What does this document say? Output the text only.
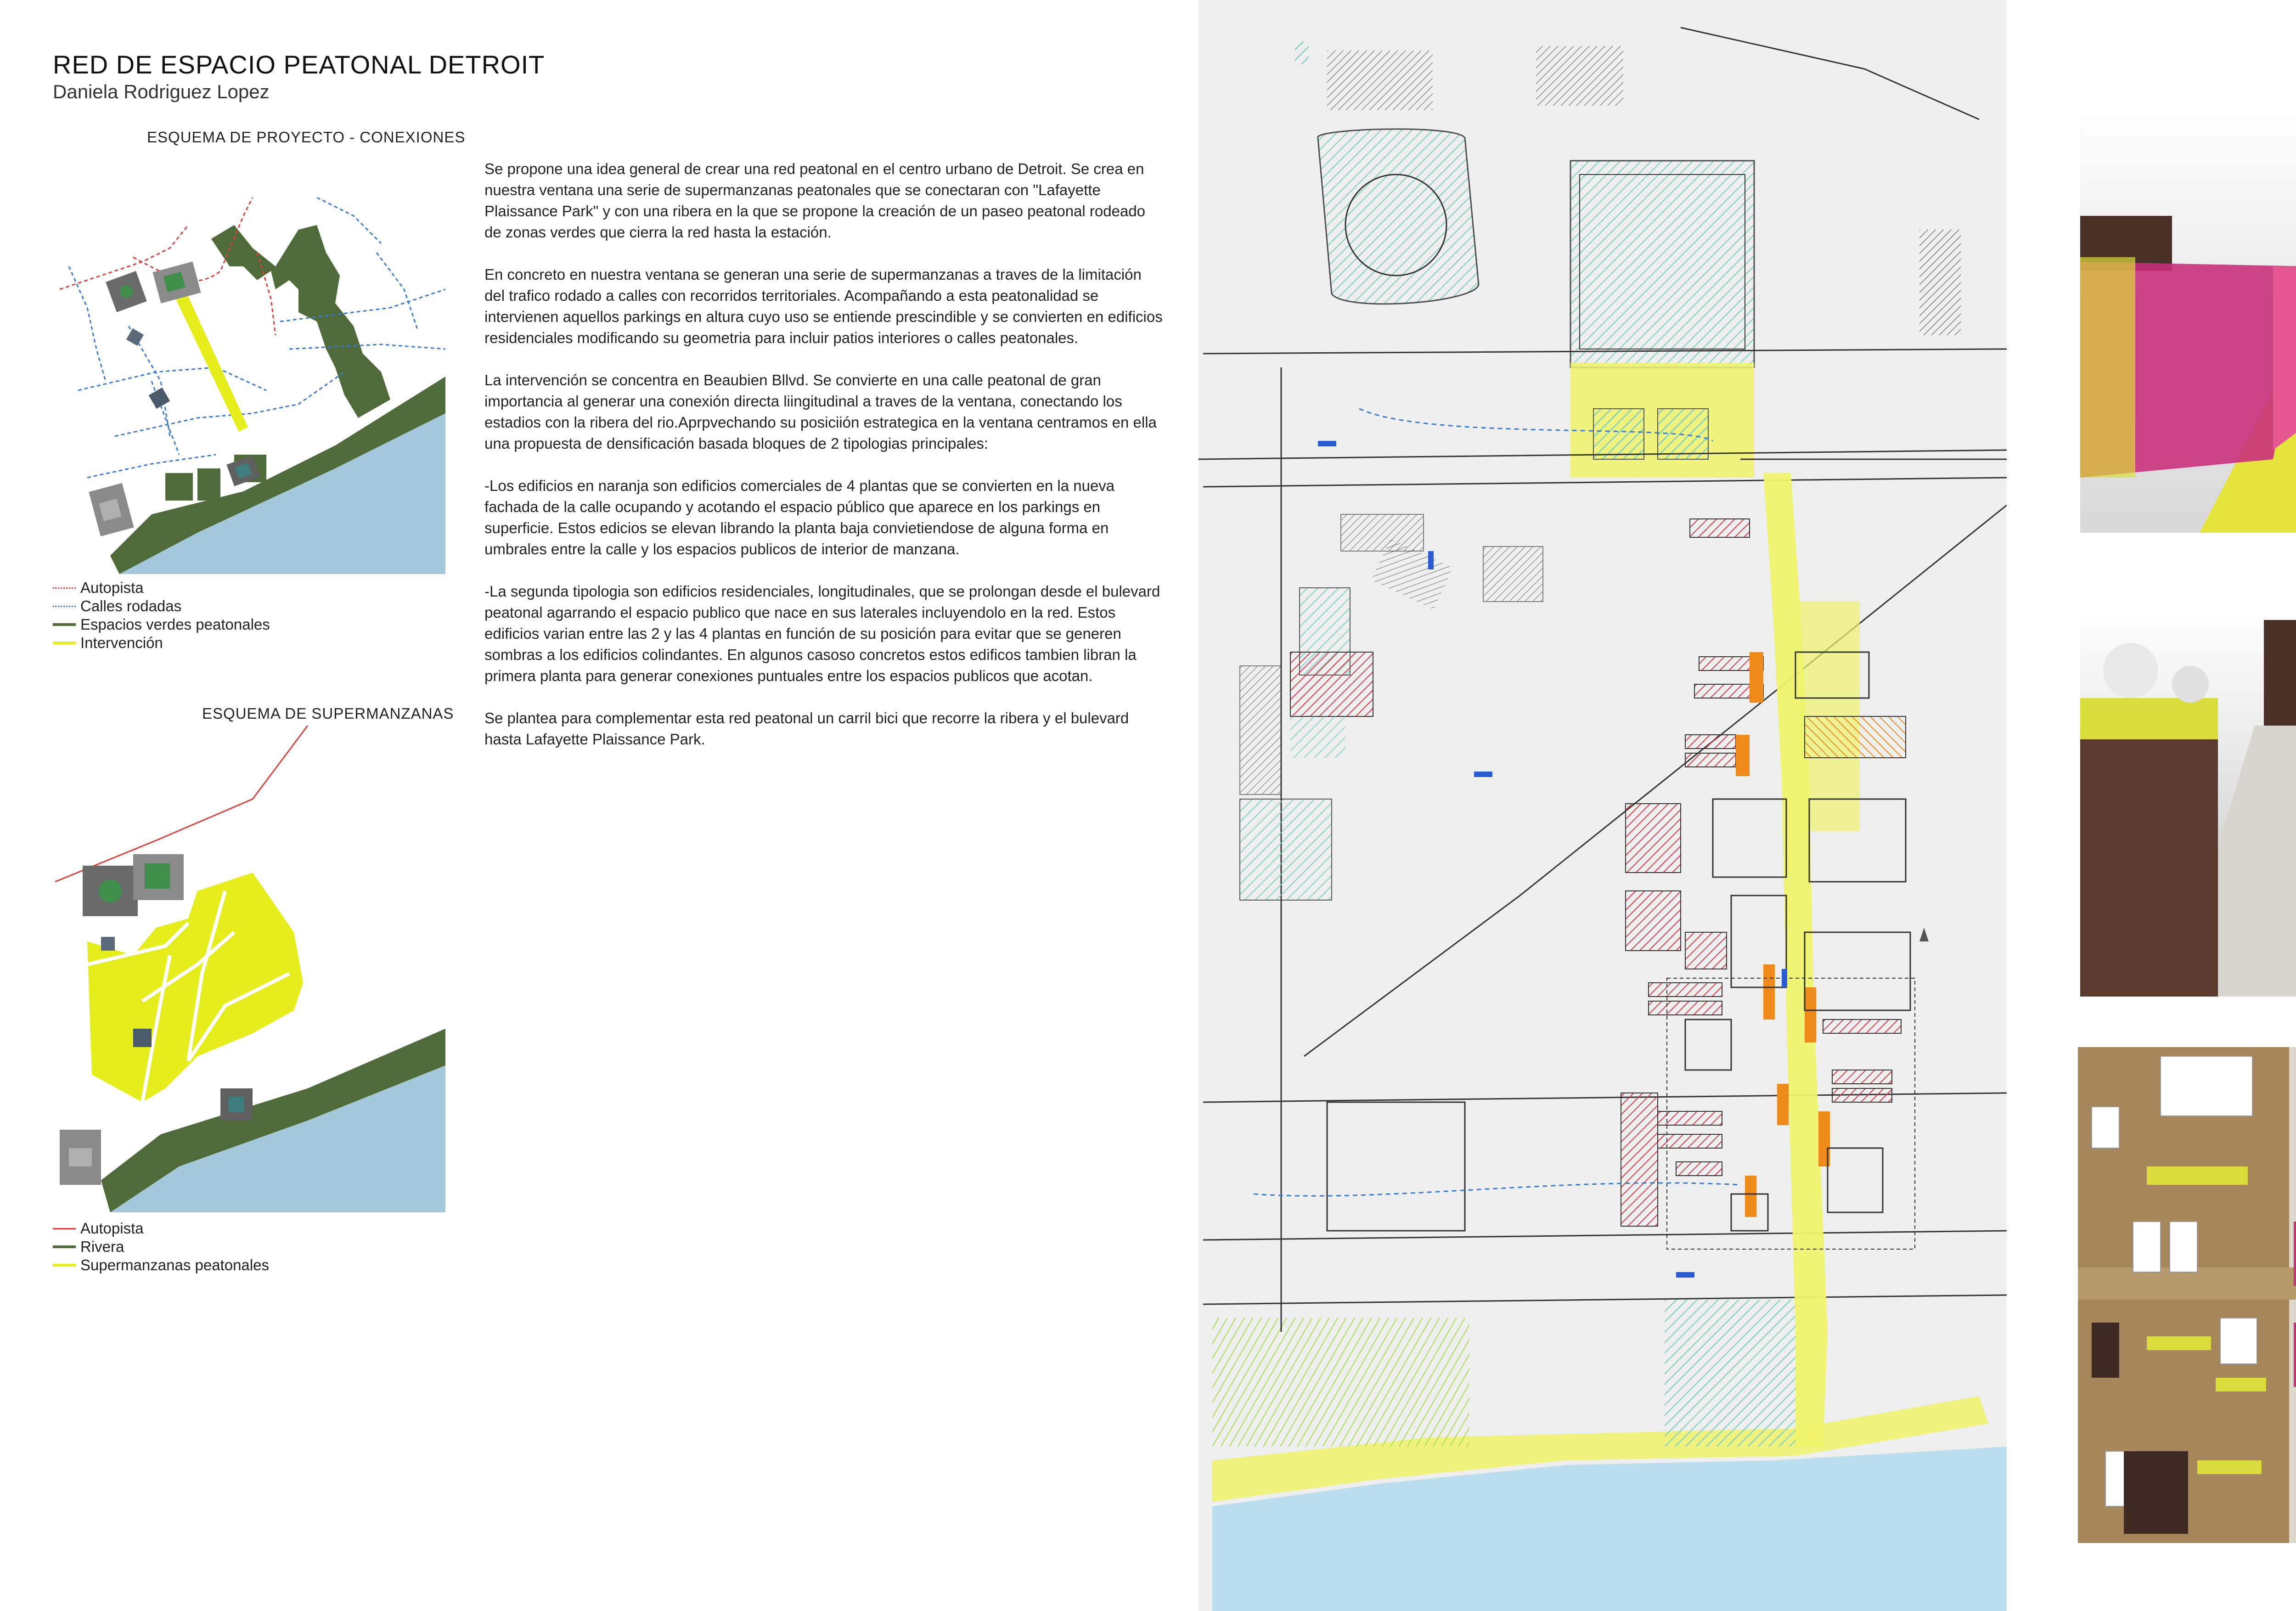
RED DE ESPACIO PEATONAL DETROIT
Daniela Rodriguez Lopez
ESQUEMA DE PROYECTO - CONEXIONES
Autopista
Calles rodadas
Espacios verdes peatonales
Intervención
ESQUEMA DE SUPERMANZANAS
Autopista
Rivera
Supermanzanas peatonales

Se propone una idea general de crear una red peatonal en el centro urbano de Detroit. Se crea en nuestra ventana una serie de supermanzanas peatonales que se conectaran con "Lafayette Plaissance Park" y con una ribera en la que se propone la creación de un paseo peatonal rodeado de zonas verdes que cierra la red hasta la estación.

En concreto en nuestra ventana se generan una serie de supermanzanas a traves de la limitación del trafico rodado a calles con recorridos territoriales. Acompañando a esta peatonalidad se intervienen aquellos parkings en altura cuyo uso se entiende prescindible y se convierten en edificios residenciales modificando su geometria para incluir patios interiores o calles peatonales.

La intervención se concentra en Beaubien Bllvd. Se convierte en una calle peatonal de gran importancia al generar una conexión directa liingitudinal a traves de la ventana, conectando los estadios con la ribera del rio.Aprpvechando su posiciión estrategica en la ventana centramos en ella una propuesta de densificación basada bloques de 2 tipologias principales:

-Los edificios en naranja son edificios comerciales de 4 plantas que se convierten en la nueva fachada de la calle ocupando y acotando el espacio público que aparece en los parkings en superficie. Estos edicios se elevan librando la planta baja convietiendose de alguna forma en umbrales entre la calle y los espacios publicos de interior de manzana.

-La segunda tipologia son edificios residenciales, longitudinales, que se prolongan desde el bulevard peatonal agarrando el espacio publico que nace en sus laterales incluyendolo en la red. Estos edificios varian entre las 2 y las 4 plantas en función de su posición para evitar que se generen sombras a los edificios colindantes. En algunos casoso concretos estos edificos tambien libran la primera planta para generar conexiones puntuales entre los espacios publicos que acotan.

Se plantea para complementar esta red peatonal un carril bici que recorre la ribera y el bulevard hasta Lafayette Plaissance Park.
